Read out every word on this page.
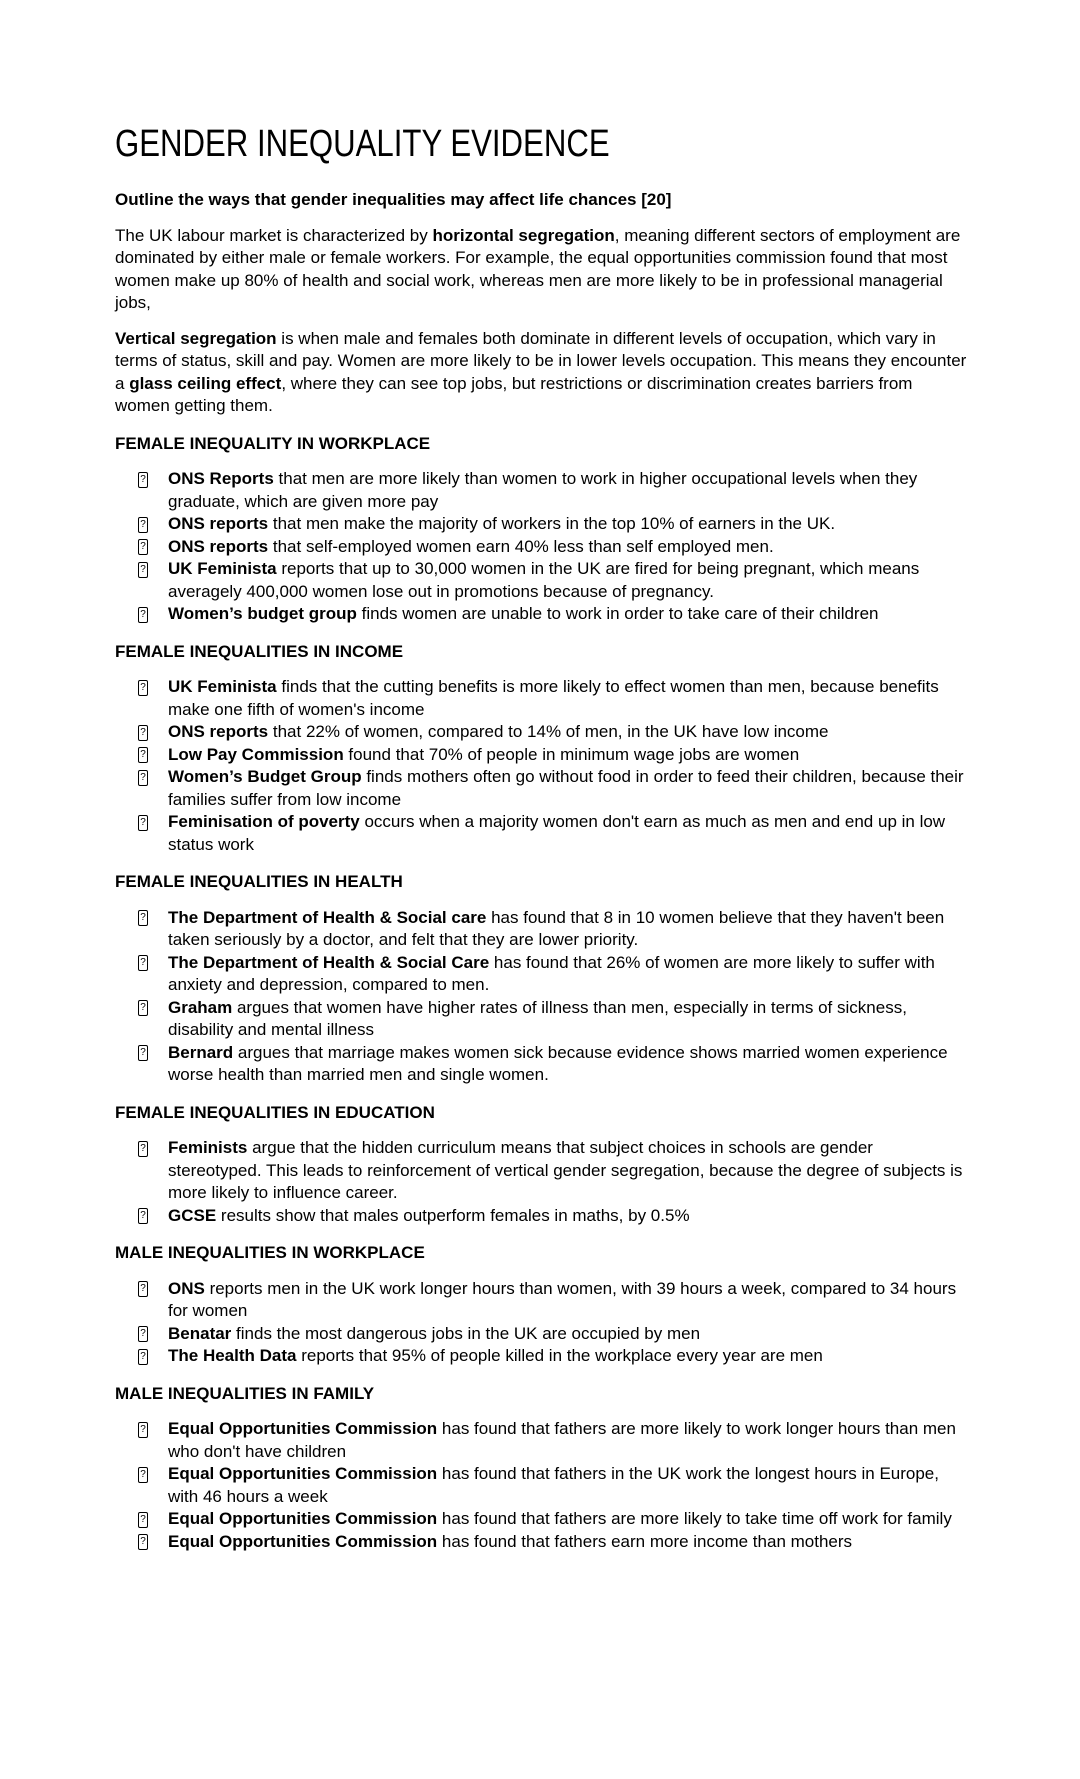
GENDER INEQUALITY EVIDENCE

Outline the ways that gender inequalities may affect life chances [20]

The UK labour market is characterized by horizontal segregation, meaning different sectors of employment are dominated by either male or female workers. For example, the equal opportunities commission found that most women make up 80% of health and social work, whereas men are more likely to be in professional managerial jobs,

Vertical segregation is when male and females both dominate in different levels of occupation, which vary in terms of status, skill and pay. Women are more likely to be in lower levels occupation. This means they encounter a glass ceiling effect, where they can see top jobs, but restrictions or discrimination creates barriers from women getting them.

FEMALE INEQUALITY IN WORKPLACE
? ONS Reports that men are more likely than women to work in higher occupational levels when they graduate, which are given more pay
? ONS reports that men make the majority of workers in the top 10% of earners in the UK.
? ONS reports that self-employed women earn 40% less than self employed men.
? UK Feminista reports that up to 30,000 women in the UK are fired for being pregnant, which means averagely 400,000 women lose out in promotions because of pregnancy.
? Women’s budget group finds women are unable to work in order to take care of their children
FEMALE INEQUALITIES IN INCOME
? UK Feminista finds that the cutting benefits is more likely to effect women than men, because benefits make one fifth of women's income
? ONS reports that 22% of women, compared to 14% of men, in the UK have low income
? Low Pay Commission found that 70% of people in minimum wage jobs are women
? Women’s Budget Group finds mothers often go without food in order to feed their children, because their families suffer from low income
? Feminisation of poverty occurs when a majority women don't earn as much as men and end up in low status work
FEMALE INEQUALITIES IN HEALTH
? The Department of Health & Social care has found that 8 in 10 women believe that they haven't been taken seriously by a doctor, and felt that they are lower priority.
? The Department of Health & Social Care has found that 26% of women are more likely to suffer with anxiety and depression, compared to men.
? Graham argues that women have higher rates of illness than men, especially in terms of sickness, disability and mental illness
? Bernard argues that marriage makes women sick because evidence shows married women experience worse health than married men and single women.
FEMALE INEQUALITIES IN EDUCATION
? Feminists argue that the hidden curriculum means that subject choices in schools are gender stereotyped. This leads to reinforcement of vertical gender segregation, because the degree of subjects is more likely to influence career.
? GCSE results show that males outperform females in maths, by 0.5%
MALE INEQUALITIES IN WORKPLACE
? ONS reports men in the UK work longer hours than women, with 39 hours a week, compared to 34 hours for women
? Benatar finds the most dangerous jobs in the UK are occupied by men
? The Health Data reports that 95% of people killed in the workplace every year are men
MALE INEQUALITIES IN FAMILY
? Equal Opportunities Commission has found that fathers are more likely to work longer hours than men who don't have children
? Equal Opportunities Commission has found that fathers in the UK work the longest hours in Europe, with 46 hours a week
? Equal Opportunities Commission has found that fathers are more likely to take time off work for family
? Equal Opportunities Commission has found that fathers earn more income than mothers
